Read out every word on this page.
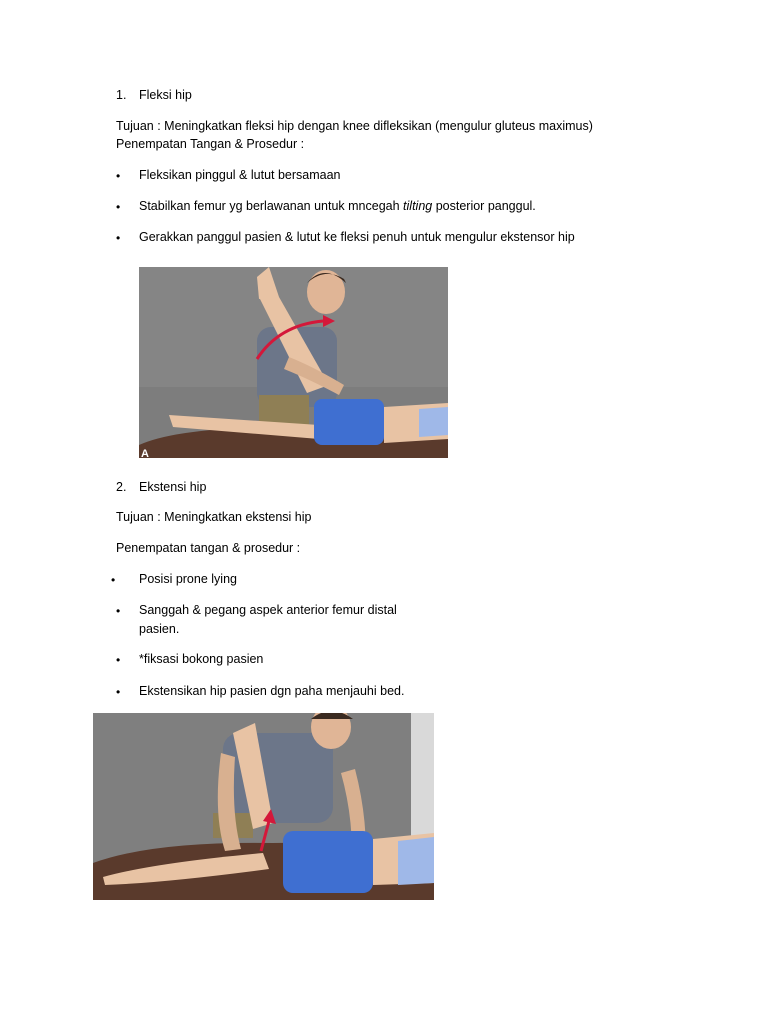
1. Fleksi hip
Tujuan : Meningkatkan fleksi hip dengan knee difleksikan (mengulur gluteus maximus)
Penempatan Tangan & Prosedur :
• Fleksikan pinggul & lutut bersamaan
• Stabilkan femur yg berlawanan untuk mncegah tilting posterior panggul.
• Gerakkan panggul pasien & lutut ke fleksi penuh untuk mengulur ekstensor hip
A
2. Ekstensi hip
Tujuan : Meningkatkan ekstensi hip
Penempatan tangan & prosedur :
• Posisi prone lying
• Sanggah & pegang aspek anterior femur distal
pasien.
• *fiksasi bokong pasien
• Ekstensikan hip pasien dgn paha menjauhi bed.
